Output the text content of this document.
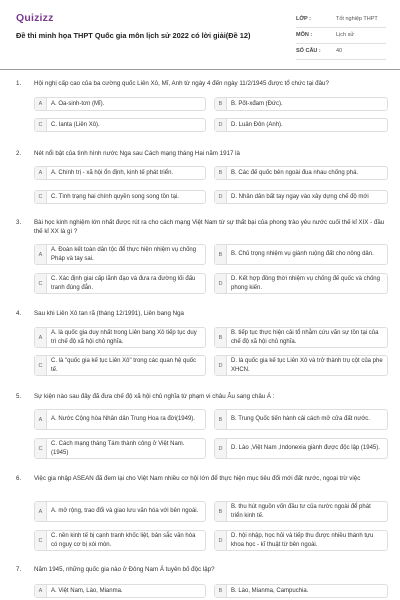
Quizizz
Đề thi minh họa THPT Quốc gia môn lịch sử 2022 có lời giải(Đề 12)
LỚP :	Tốt nghiệp THPT
MÔN :	Lịch sử
SỐ CÂU :	40
1. Hội nghị cấp cao của ba cường quốc Liên Xô, Mĩ, Anh từ ngày 4 đến ngày 11/2/1945 được tổ chức tại đâu?
A	A. Oa-sinh-tơn (Mĩ).	B	B. Pốt-xđam (Đức).
C	C. Ianta (Liên Xô).	D	D. Luân Đôn (Anh).
2. Nét nổi bật của tình hình nước Nga sau Cách mạng tháng Hai năm 1917 là
A	A. Chính trị - xã hội ổn định, kinh tế phát triển.	B	B. Các đế quốc bên ngoài đua nhau chống phá.
C	C. Tình trạng hai chính quyền song song tồn tại.	D	D. Nhân dân bất tay ngay vào xây dựng chế độ mới
3. Bài học kinh nghiệm lớn nhất được rút ra cho cách mạng Việt Nam từ sự thất bại của phong trào yêu nước cuối thế kỉ XIX - đầu thế kỉ XX là gì ?
A
A. Đoàn kết toàn dân tộc để thực hiện nhiệm vụ chống Pháp và tay sai.
B	B. Chủ trọng nhiệm vụ giành ruộng đất cho nông dân.
C
C. Xác định giai cấp lãnh đạo và đưa ra đường lối đấu tranh đúng đắn.
D
D. Kết hợp đồng thời nhiệm vụ chống đế quốc và chống phong kiến.
4. Sau khi Liên Xô tan rã (tháng 12/1991), Liên bang Nga
A
A. là quốc gia duy nhất trong Liên bang Xô tiếp tục duy trì chế độ xã hội chủ nghĩa.
B
B. tiếp tục thực hiện cải tổ nhằm cứu vãn sự tồn tại của chế độ xã hội chủ nghĩa.
C
C. là "quốc gia kế tục Liên Xô" trong các quan hệ quốc tế.
D
D. là quốc gia kế tục Liên Xô và trở thành trụ cột của phe XHCN.
5. Sự kiện nào sau đây đã đưa chế độ xã hội chủ nghĩa từ phạm vi châu Âu sang châu Á :
A	A. Nước Cộng hòa Nhân dân Trung Hoa ra đời(1949).	B	B. Trung Quốc tiến hành cải cách mở cửa đất nước.
C
C. Cách mạng tháng Tám thành công ở Việt Nam. (1945)
D	D. Lào ,Việt Nam ,Indonexia giành được độc lập (1945).
6. Việc gia nhập ASEAN đã đem lại cho Việt Nam nhiều cơ hội lớn để thực hiện mục tiêu đổi mới đất nước, ngoại trừ việc
A	A. mở rộng, trao đổi và giao lưu văn hóa với bên ngoài.	B
B. thu hút nguồn vốn đầu tư của nước ngoài để phát triển kinh tế.
C
C. nền kinh tế bị cạnh tranh khốc liệt, bản sắc văn hóa có nguy cơ bị xói mòn.
D
D. hội nhập, học hỏi và tiếp thu được nhiều thành tựu khoa học - kĩ thuật từ bên ngoài.
7. Năm 1945, những quốc gia nào ở Đông Nam Á tuyên bố độc lập?
A	A. Việt Nam, Lào, Mianma.	B	B. Lào, Mianma, Campuchia.
